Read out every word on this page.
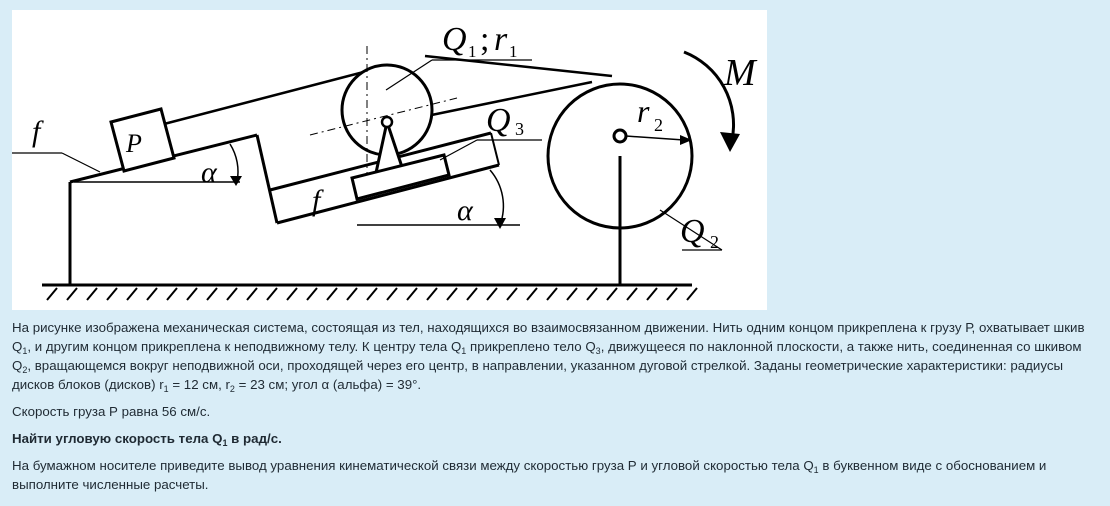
f	P
α
Q 1 ; r 1
Q 3
f	α
r 2
M
Q 2

На рисунке изображена механическая система, состоящая из тел, находящихся во взаимосвязанном движении. Нить одним концом прикреплена к грузу Р, охватывает шкив $Q_1$, и другим концом прикреплена к неподвижному телу. К центру тела $Q_1$ прикреплено тело $Q_3$, движущееся по наклонной плоскости, а также нить, соединенная со шкивом $Q_2$, вращающемся вокруг неподвижной оси, проходящей через его центр, в направлении, указанном дуговой стрелкой. Заданы геометрические характеристики: радиусы дисков блоков (дисков) $r_1 = 12$ см, $r_2 = 23$ см; угол α (альфа) = 39°.

Скорость груза Р равна 56 см/с.

Найти угловую скорость тела $Q_1$ в рад/с.

На бумажном носителе приведите вывод уравнения кинематической связи между скоростью груза Р и угловой скоростью тела $Q_1$ в буквенном виде с обоснованием и выполните численные расчеты.
